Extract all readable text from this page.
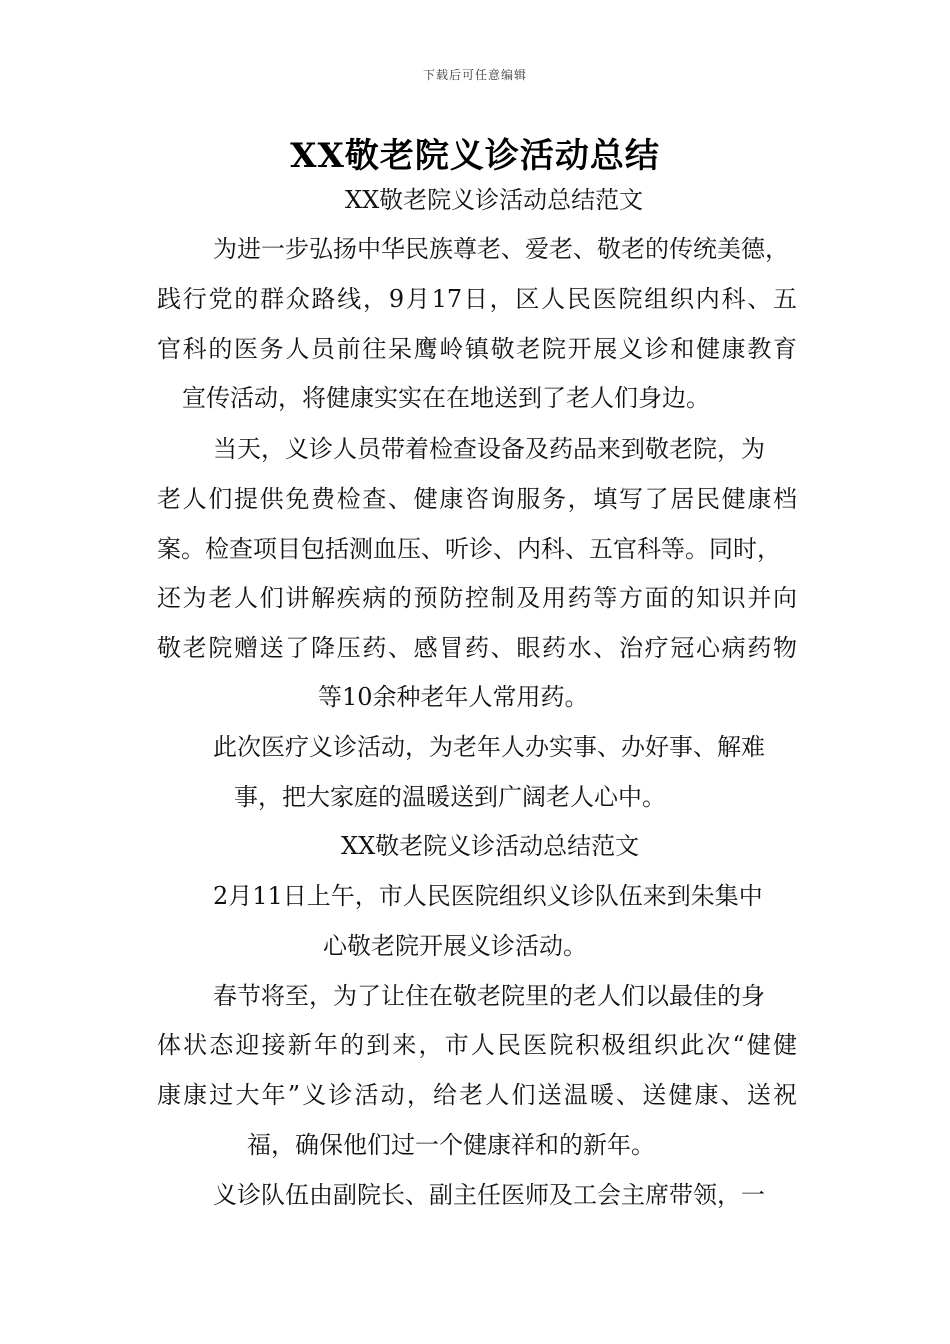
下载后可任意编辑
XX敬老院义诊活动总结
XX敬老院义诊活动总结范文
为进一步弘扬中华民族尊老、爱老、敬老的传统美德，
践行党的群众路线，9月17日，区人民医院组织内科、五
官科的医务人员前往呆鹰岭镇敬老院开展义诊和健康教育
宣传活动，将健康实实在在地送到了老人们身边。
当天，义诊人员带着检查设备及药品来到敬老院，为
老人们提供免费检查、健康咨询服务，填写了居民健康档
案。检查项目包括测血压、听诊、内科、五官科等。同时，
还为老人们讲解疾病的预防控制及用药等方面的知识并向
敬老院赠送了降压药、感冒药、眼药水、治疗冠心病药物
等10余种老年人常用药。
此次医疗义诊活动，为老年人办实事、办好事、解难
事，把大家庭的温暖送到广阔老人心中。
XX敬老院义诊活动总结范文
2月11日上午，市人民医院组织义诊队伍来到朱集中
心敬老院开展义诊活动。
春节将至，为了让住在敬老院里的老人们以最佳的身
体状态迎接新年的到来，市人民医院积极组织此次“健健
康康过大年”义诊活动，给老人们送温暖、送健康、送祝
福，确保他们过一个健康祥和的新年。
义诊队伍由副院长、副主任医师及工会主席带领，一
